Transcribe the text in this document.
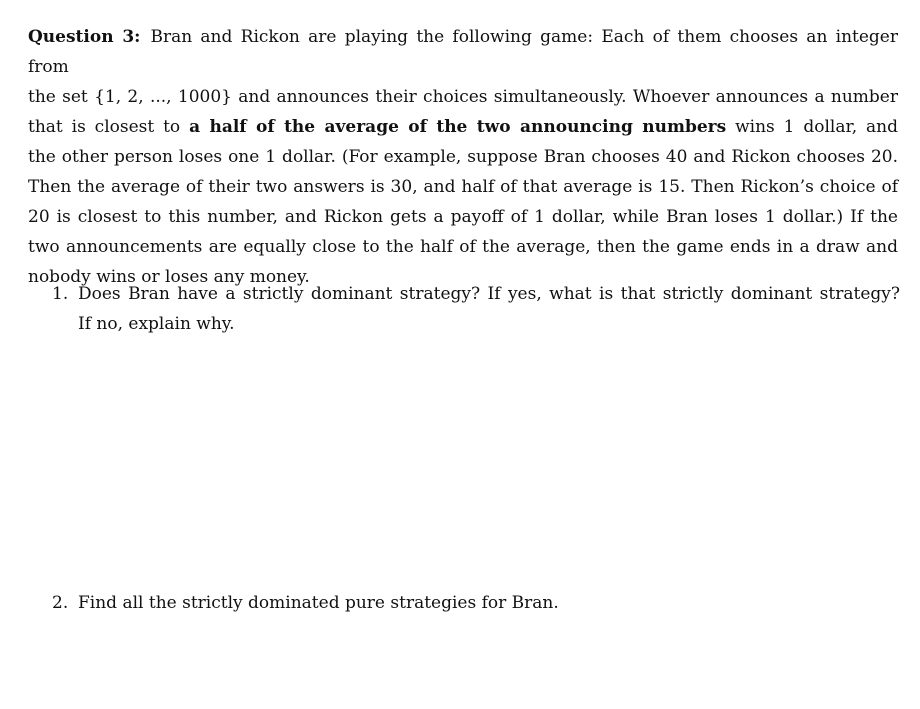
Question 3: Bran and Rickon are playing the following game: Each of them chooses an integer from
the set {1, 2, ..., 1000} and announces their choices simultaneously. Whoever announces a number
that is closest to a half of the average of the two announcing numbers wins 1 dollar, and
the other person loses one 1 dollar. (For example, suppose Bran chooses 40 and Rickon chooses 20.
Then the average of their two answers is 30, and half of that average is 15. Then Rickon’s choice of
20 is closest to this number, and Rickon gets a payoff of 1 dollar, while Bran loses 1 dollar.) If the
two announcements are equally close to the half of the average, then the game ends in a draw and
nobody wins or loses any money.

1. Does Bran have a strictly dominant strategy? If yes, what is that strictly dominant strategy?
If no, explain why.
2. Find all the strictly dominated pure strategies for Bran.
